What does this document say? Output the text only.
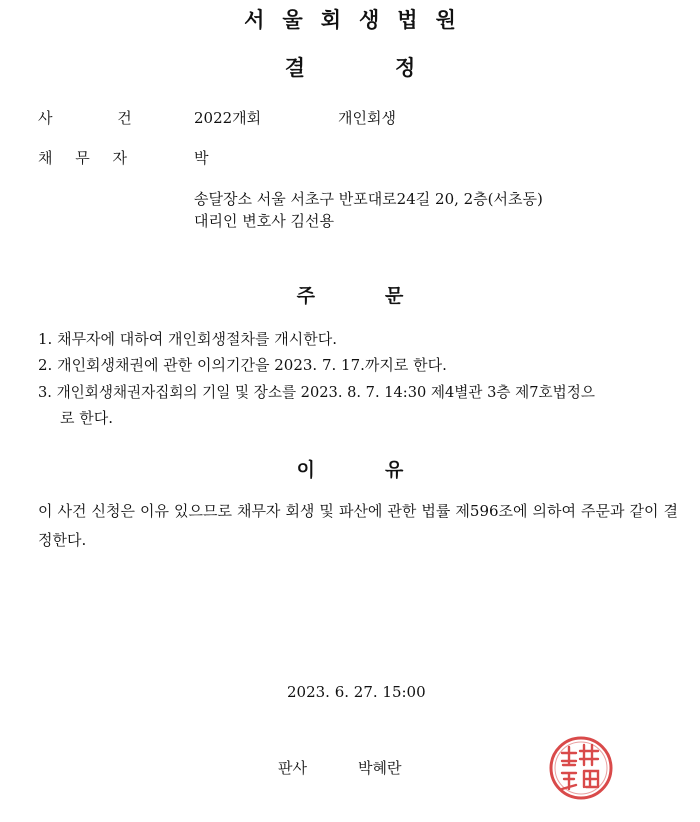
서울회생법원
결정
사 건	2022개회	개인회생
채 무 자	박
송달장소 서울 서초구 반포대로24길 20, 2층(서초동)
대리인 변호사 김선용
주문
1. 채무자에 대하여 개인회생절차를 개시한다.
2. 개인회생채권에 관한 이의기간을 2023. 7. 17.까지로 한다.
3. 개인회생채권자집회의 기일 및 장소를 2023. 8. 7. 14:30 제4별관 3층 제7호법정으
로 한다.
이유
이 사건 신청은 이유 있으므로 채무자 회생 및 파산에 관한 법률 제596조에 의하여 주문과 같이 결정한다.
2023. 6. 27. 15:00
판사	박혜란
